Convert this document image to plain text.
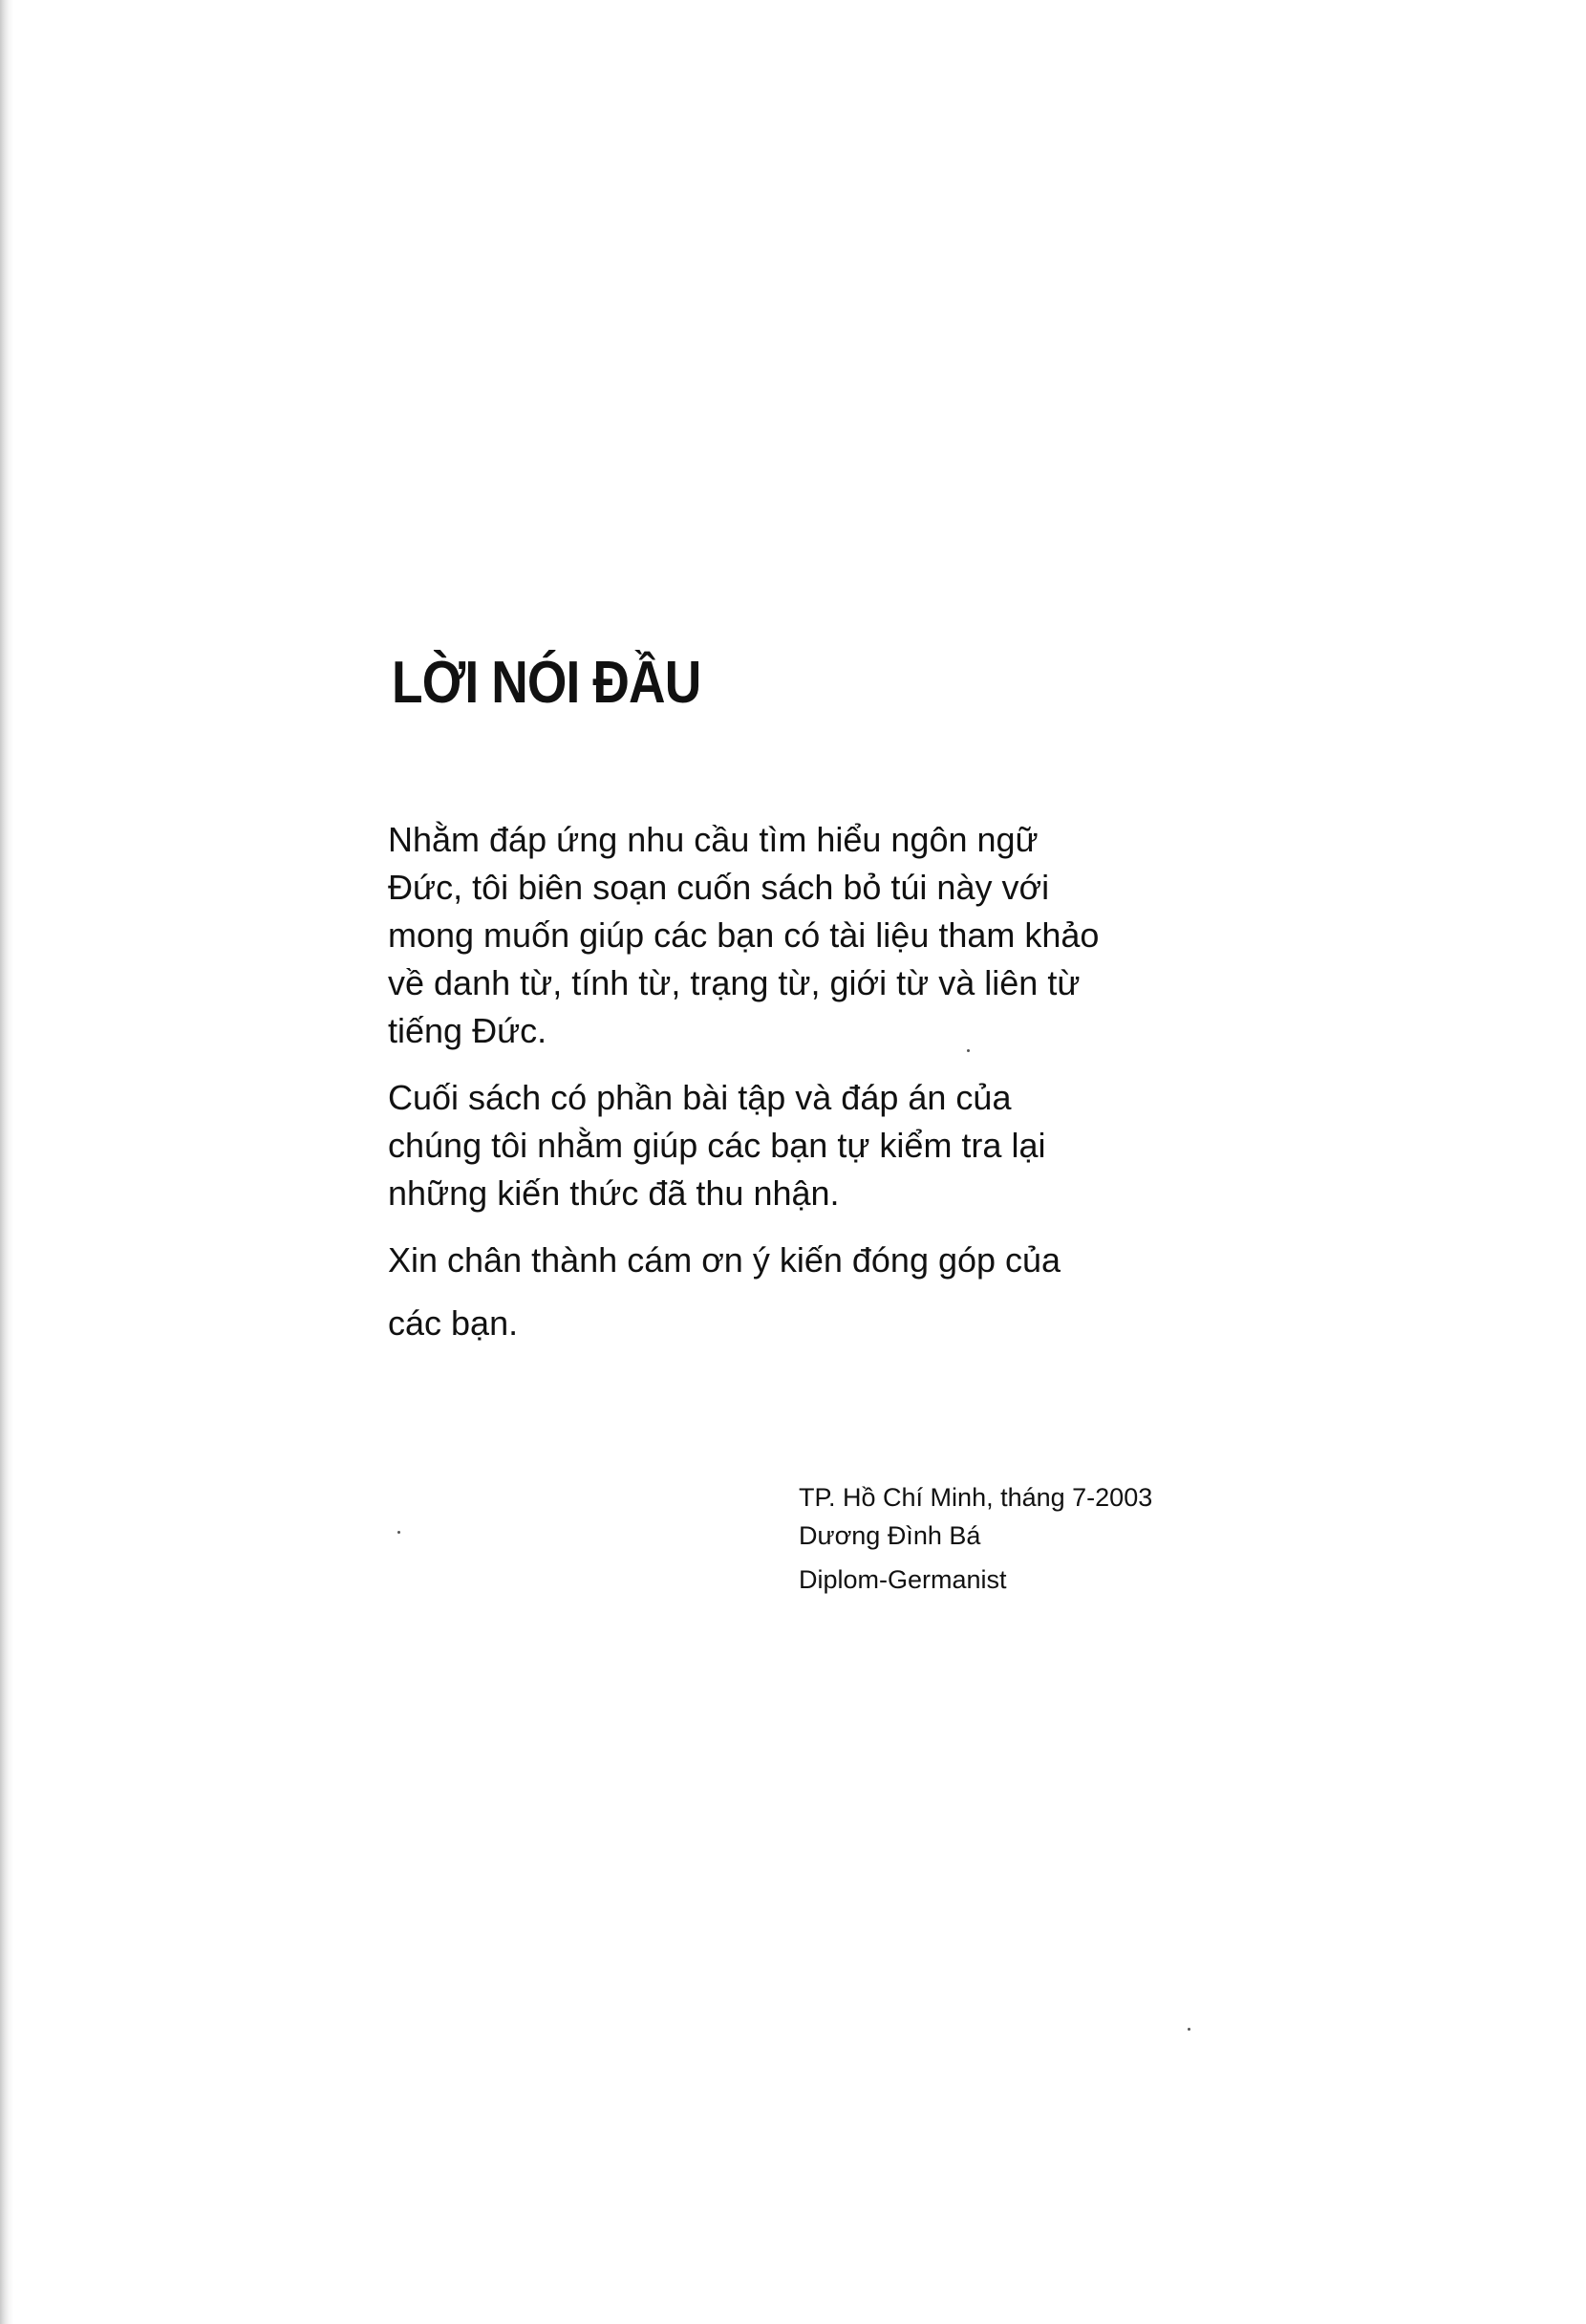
LỜI NÓI ĐẦU

Nhằm đáp ứng nhu cầu tìm hiểu ngôn ngữ
Đức, tôi biên soạn cuốn sách bỏ túi này với
mong muốn giúp các bạn có tài liệu tham khảo
về danh từ, tính từ, trạng từ, giới từ và liên từ
tiếng Đức.

Cuối sách có phần bài tập và đáp án của
chúng tôi nhằm giúp các bạn tự kiểm tra lại
những kiến thức đã thu nhận.

Xin chân thành cám ơn ý kiến đóng góp của
các bạn.

TP. Hồ Chí Minh, tháng 7-2003
Dương Đình Bá
Diplom-Germanist
